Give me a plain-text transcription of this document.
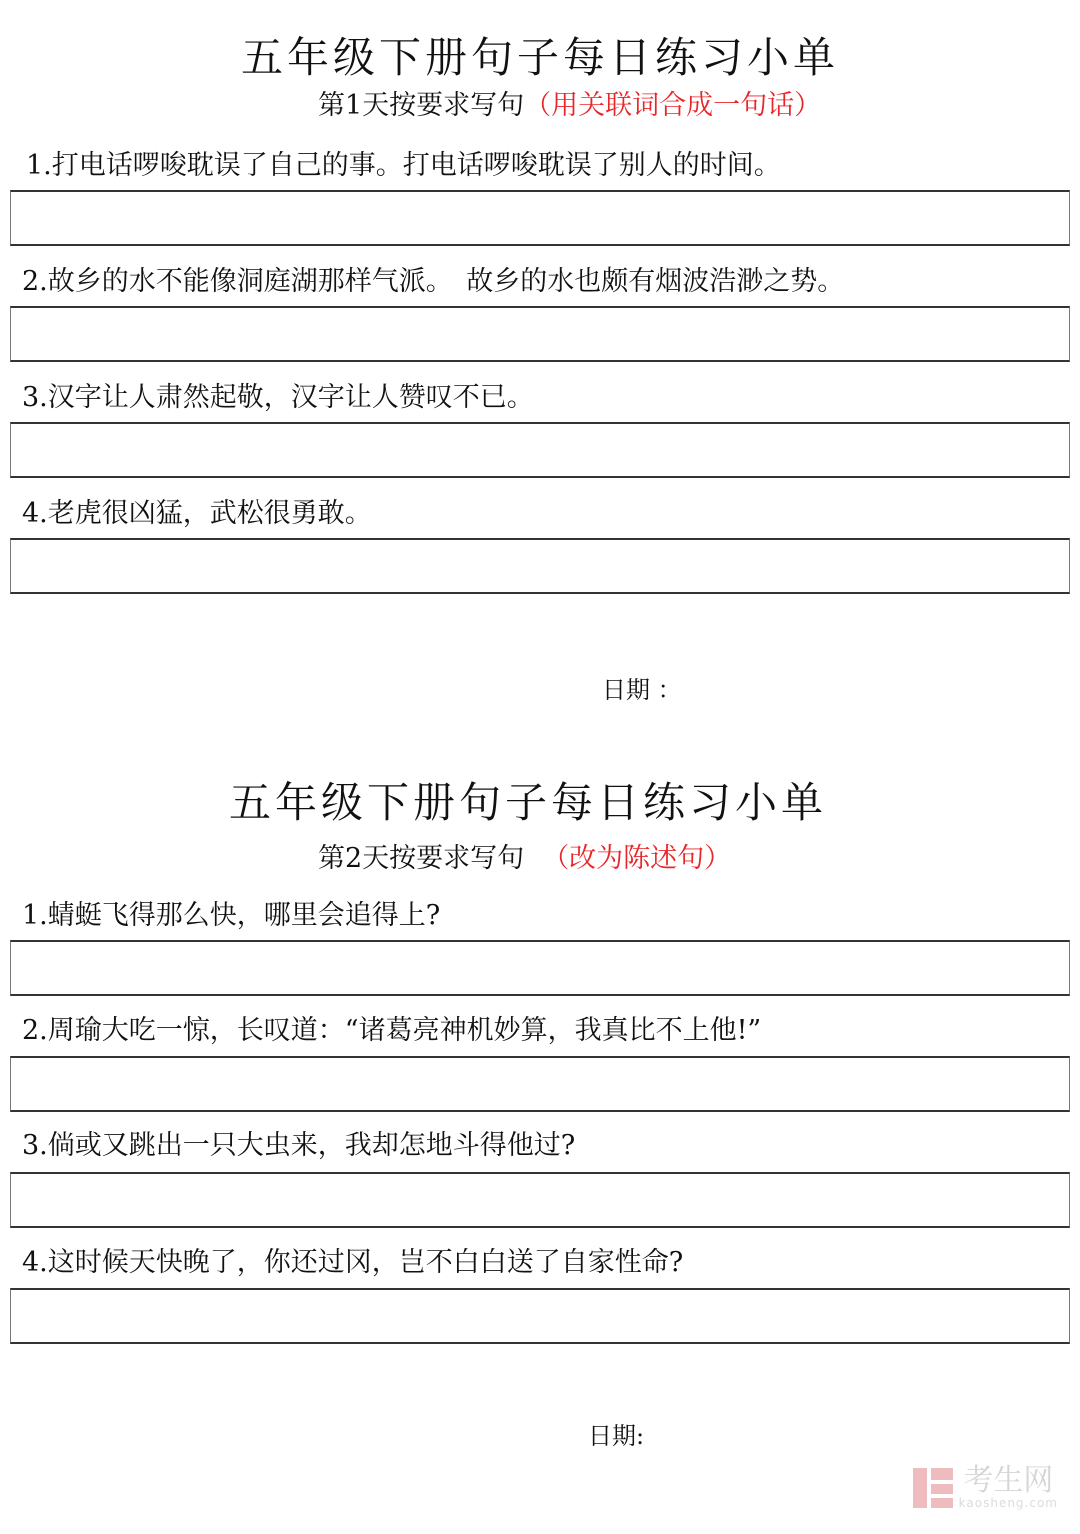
五年级下册句子每日练习小单
第1天按要求写句（用关联词合成一句话）
1.打电话啰唆耽误了自己的事。打电话啰唆耽误了别人的时间。
2.故乡的水不能像洞庭湖那样气派。　故乡的水也颇有烟波浩渺之势。
3.汉字让人肃然起敬，汉字让人赞叹不已。
4.老虎很凶猛，武松很勇敢。
日期 ：
五年级下册句子每日练习小单
第2天按要求写句 （改为陈述句）
1.蜻蜓飞得那么快，哪里会追得上?
2.周瑜大吃一惊，长叹道：“诸葛亮神机妙算，我真比不上他!”
3.倘或又跳出一只大虫来，我却怎地斗得他过?
4.这时候天快晚了，你还过冈，岂不白白送了自家性命?
日期:
考生网
kaosheng.com
